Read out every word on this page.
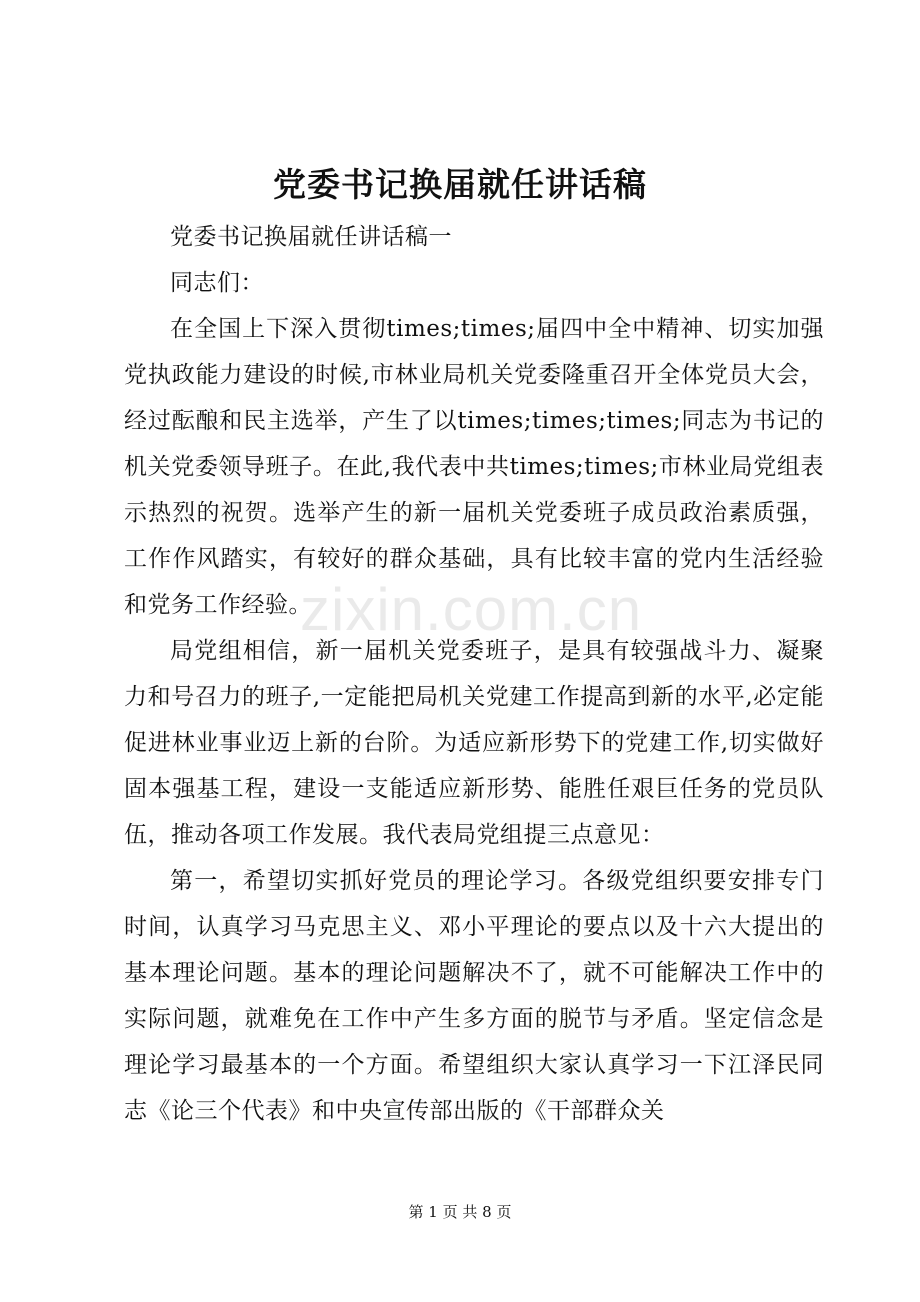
党委书记换届就任讲话稿

党委书记换届就任讲话稿一

同志们：

在全国上下深入贯彻times;times;届四中全中精神、切实加强党执政能力建设的时候,市林业局机关党委隆重召开全体党员大会，经过酝酿和民主选举，产生了以times;times;times;同志为书记的机关党委领导班子。在此,我代表中共times;times;市林业局党组表示热烈的祝贺。选举产生的新一届机关党委班子成员政治素质强，工作作风踏实，有较好的群众基础，具有比较丰富的党内生活经验和党务工作经验。

局党组相信，新一届机关党委班子，是具有较强战斗力、凝聚力和号召力的班子,一定能把局机关党建工作提高到新的水平,必定能促进林业事业迈上新的台阶。为适应新形势下的党建工作,切实做好固本强基工程，建设一支能适应新形势、能胜任艰巨任务的党员队伍，推动各项工作发展。我代表局党组提三点意见：

第一，希望切实抓好党员的理论学习。各级党组织要安排专门时间，认真学习马克思主义、邓小平理论的要点以及十六大提出的基本理论问题。基本的理论问题解决不了，就不可能解决工作中的实际问题，就难免在工作中产生多方面的脱节与矛盾。坚定信念是理论学习最基本的一个方面。希望组织大家认真学习一下江泽民同志《论三个代表》和中央宣传部出版的《干部群众关

zixin.com.cn
第 1 页 共 8 页
